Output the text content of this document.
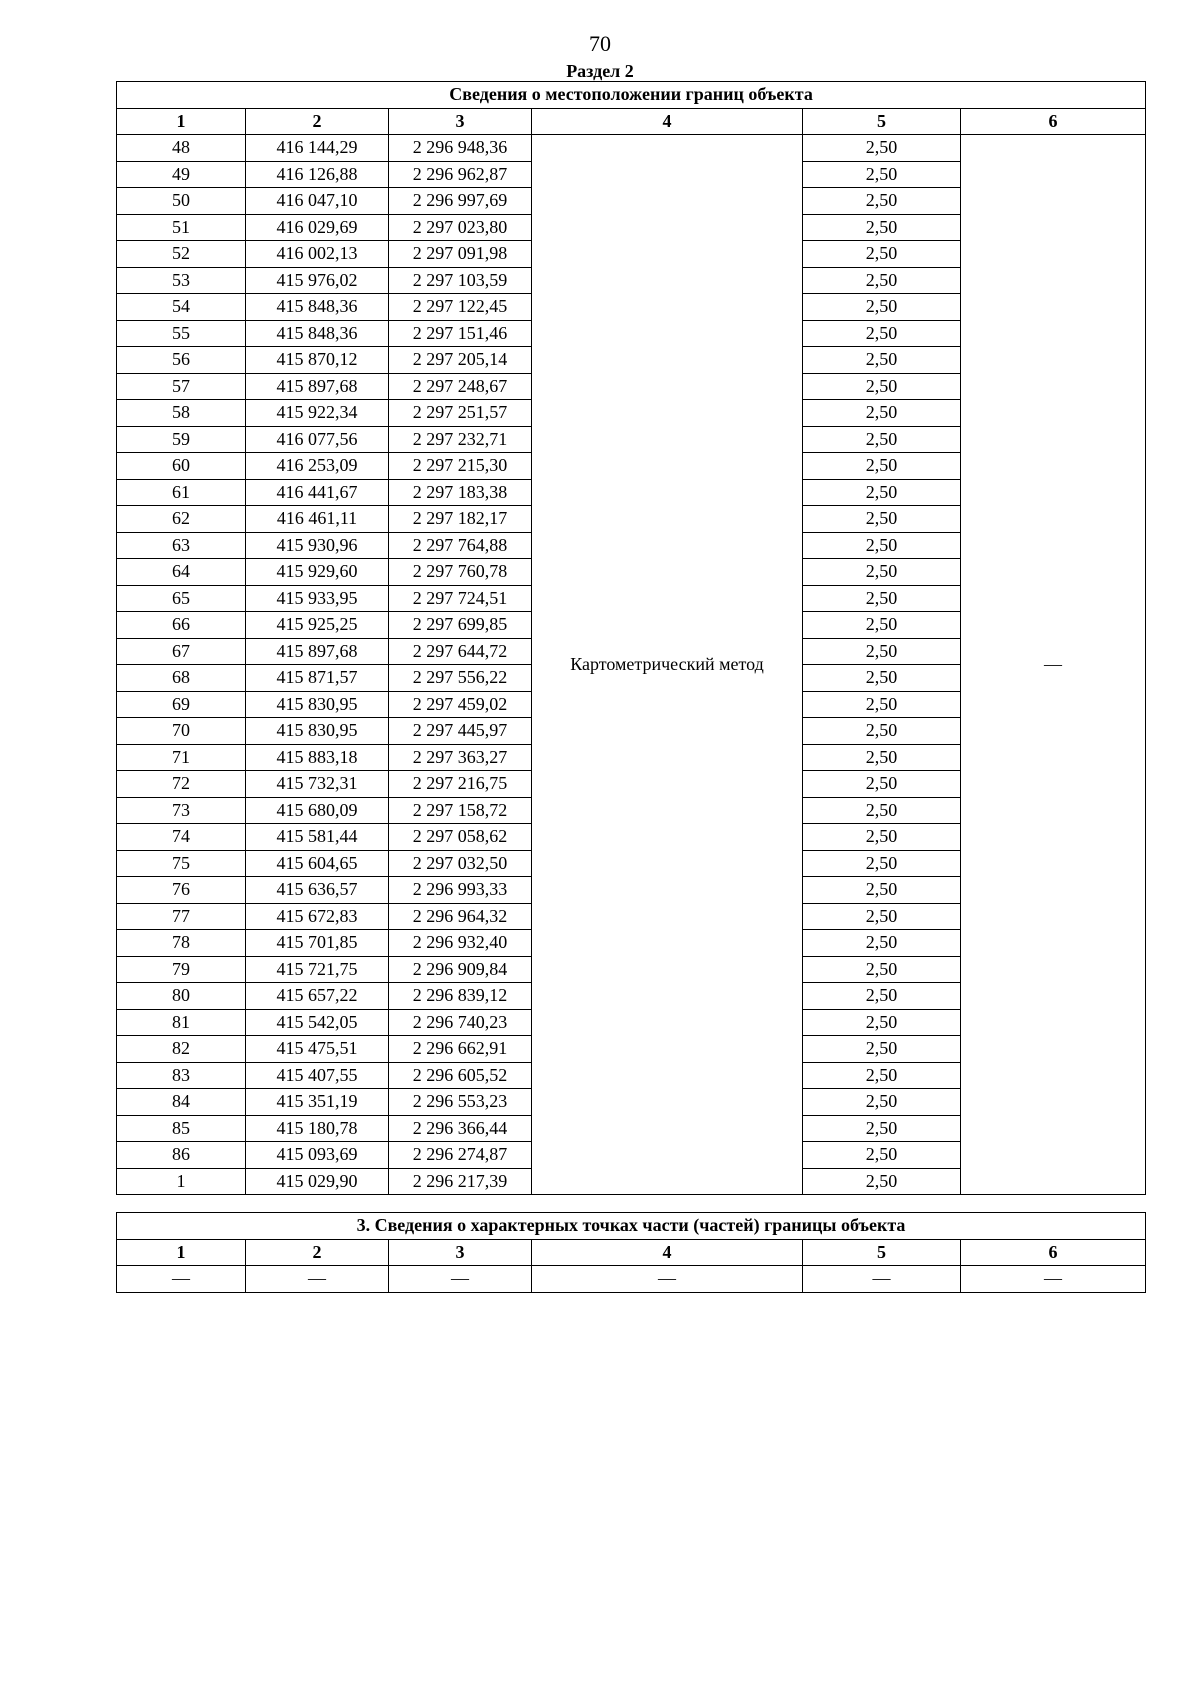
70
Раздел 2
Сведения о местоположении границ объекта					
1	2	3	4	5	6
48	416 144,29	2 296 948,36	Картометрический метод	2,50	—
49	416 126,88	2 296 962,87		2,50	
50	416 047,10	2 296 997,69		2,50	
51	416 029,69	2 297 023,80		2,50	
52	416 002,13	2 297 091,98		2,50	
53	415 976,02	2 297 103,59		2,50	
54	415 848,36	2 297 122,45		2,50	
55	415 848,36	2 297 151,46		2,50	
56	415 870,12	2 297 205,14		2,50	
57	415 897,68	2 297 248,67		2,50	
58	415 922,34	2 297 251,57		2,50	
59	416 077,56	2 297 232,71		2,50	
60	416 253,09	2 297 215,30		2,50	
61	416 441,67	2 297 183,38		2,50	
62	416 461,11	2 297 182,17		2,50	
63	415 930,96	2 297 764,88		2,50	
64	415 929,60	2 297 760,78		2,50	
65	415 933,95	2 297 724,51		2,50	
66	415 925,25	2 297 699,85		2,50	
67	415 897,68	2 297 644,72		2,50	
68	415 871,57	2 297 556,22		2,50	
69	415 830,95	2 297 459,02		2,50	
70	415 830,95	2 297 445,97		2,50	
71	415 883,18	2 297 363,27		2,50	
72	415 732,31	2 297 216,75		2,50	
73	415 680,09	2 297 158,72		2,50	
74	415 581,44	2 297 058,62		2,50	
75	415 604,65	2 297 032,50		2,50	
76	415 636,57	2 296 993,33		2,50	
77	415 672,83	2 296 964,32		2,50	
78	415 701,85	2 296 932,40		2,50	
79	415 721,75	2 296 909,84		2,50	
80	415 657,22	2 296 839,12		2,50	
81	415 542,05	2 296 740,23		2,50	
82	415 475,51	2 296 662,91		2,50	
83	415 407,55	2 296 605,52		2,50	
84	415 351,19	2 296 553,23		2,50	
85	415 180,78	2 296 366,44		2,50	
86	415 093,69	2 296 274,87		2,50	
1	415 029,90	2 296 217,39		2,50	
3. Сведения о характерных точках части (частей) границы объекта					
1	2	3	4	5	6
—	—	—	—	—	—
